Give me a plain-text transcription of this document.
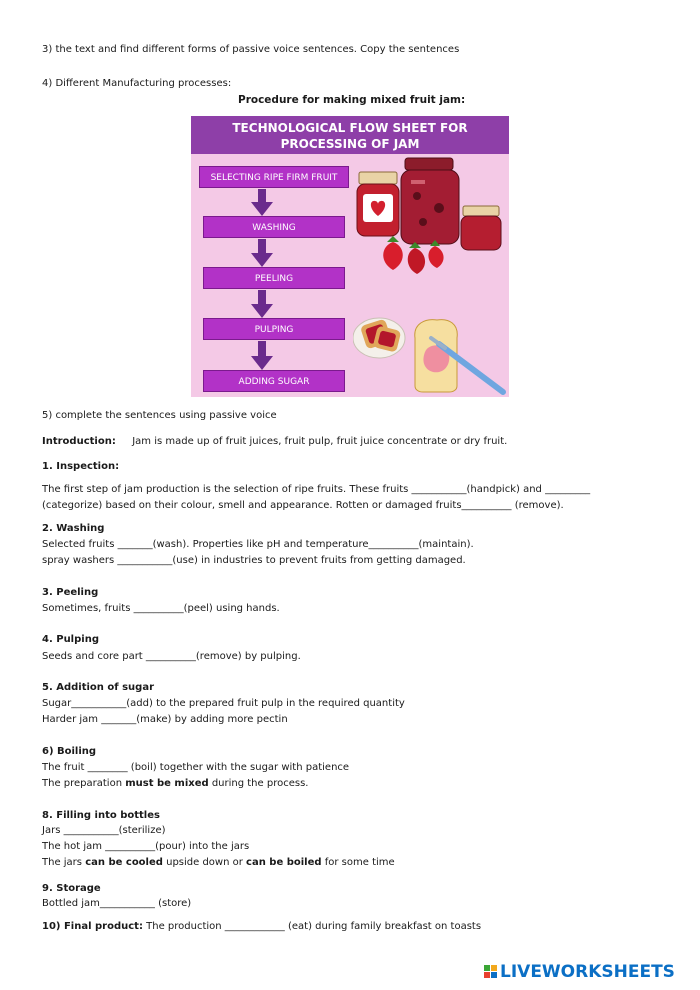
3) the text and find different forms of passive voice sentences. Copy the sentences
4) Different Manufacturing processes:
Procedure for making mixed fruit jam:
TECHNOLOGICAL FLOW SHEET FOR
PROCESSING OF JAM
SELECTING RIPE FIRM FRUIT
WASHING
PEELING
PULPING
ADDING SUGAR
5) complete the sentences using passive voice
Introduction: Jam is made up of fruit juices, fruit pulp, fruit juice concentrate or dry fruit.
1. Inspection:
The first step of jam production is the selection of ripe fruits. These fruits ___________(handpick) and _________
(categorize) based on their colour, smell and appearance. Rotten or damaged fruits__________ (remove).
2. Washing
Selected fruits _______(wash). Properties like pH and temperature__________(maintain).
spray washers ___________(use) in industries to prevent fruits from getting damaged.
3. Peeling
Sometimes, fruits __________(peel) using hands.
4. Pulping
Seeds and core part __________(remove) by pulping.
5. Addition of sugar
Sugar___________(add) to the prepared fruit pulp in the required quantity
Harder jam _______(make) by adding more pectin
6) Boiling
The fruit ________ (boil) together with the sugar with patience
The preparation must be mixed during the process.
8. Filling into bottles
Jars ___________(sterilize)
The hot jam __________(pour) into the jars
The jars can be cooled upside down or can be boiled for some time
9. Storage
Bottled jam___________ (store)
10) Final product: The production ____________ (eat) during family breakfast on toasts
LIVEWORKSHEETS
